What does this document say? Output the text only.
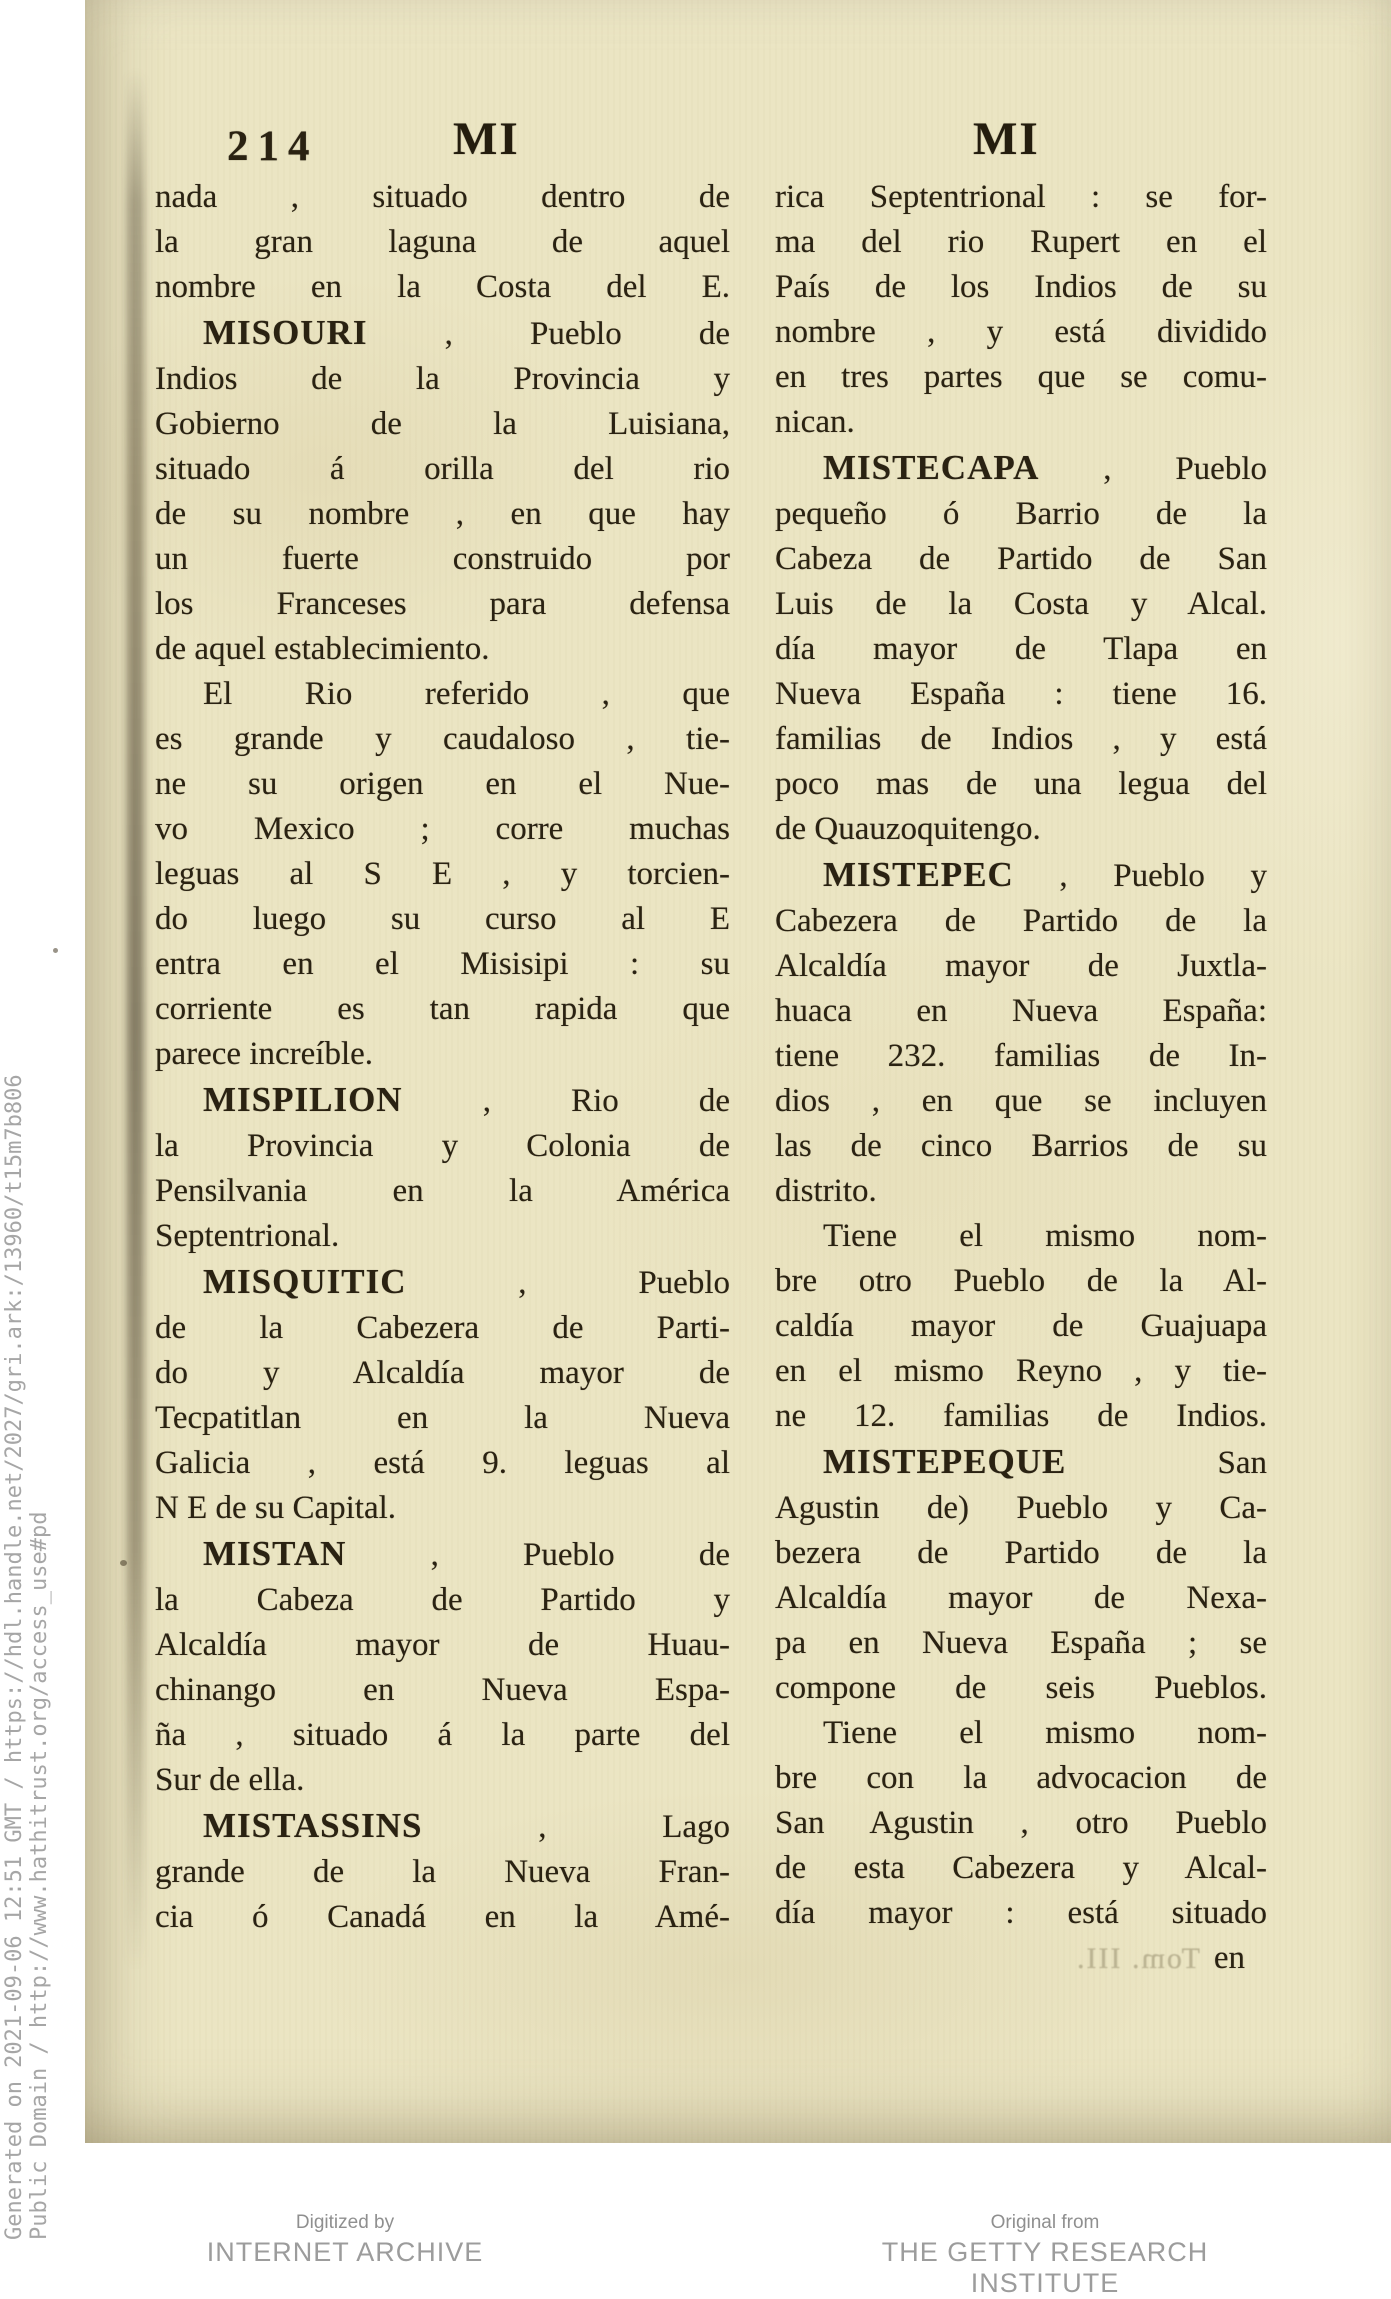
214	MI	MI
nada , situado dentro de
la gran laguna de aquel
nombre en la Costa del E.
MISOURI , Pueblo de
Indios de la Provincia y
Gobierno de la Luisiana,
situado á orilla del rio
de su nombre , en que hay
un fuerte construido por
los Franceses para defensa
de aquel establecimiento.
El Rio referido , que
es grande y caudaloso , tie-
ne su origen en el Nue-
vo Mexico ; corre muchas
leguas al S E , y torcien-
do luego su curso al E
entra en el Misisipi : su
corriente es tan rapida que
parece increíble.
MISPILION , Rio de
la Provincia y Colonia de
Pensilvania en la América
Septentrional.
MISQUITIC , Pueblo
de la Cabezera de Parti-
do y Alcaldía mayor de
Tecpatitlan en la Nueva
Galicia , está 9. leguas al
N E de su Capital.
MISTAN , Pueblo de
la Cabeza de Partido y
Alcaldía mayor de Huau-
chinango en Nueva Espa-
ña , situado á la parte del
Sur de ella.
MISTASSINS , Lago
grande de la Nueva Fran-
cia ó Canadá en la Amé-
rica Septentrional : se for-
ma del rio Rupert en el
País de los Indios de su
nombre , y está dividido
en tres partes que se comu-
nican.
MISTECAPA , Pueblo
pequeño ó Barrio de la
Cabeza de Partido de San
Luis de la Costa y Alcal.
día mayor de Tlapa en
Nueva España : tiene 16.
familias de Indios , y está
poco mas de una legua del
de Quauzoquitengo.
MISTEPEC , Pueblo y
Cabezera de Partido de la
Alcaldía mayor de Juxtla-
huaca en Nueva España:
tiene 232. familias de In-
dios , en que se incluyen
las de cinco Barrios de su
distrito.
Tiene el mismo nom-
bre otro Pueblo de la Al-
caldía mayor de Guajuapa
en el mismo Reyno , y tie-
ne 12. familias de Indios.
MISTEPEQUE San
Agustin de) Pueblo y Ca-
bezera de Partido de la
Alcaldía mayor de Nexa-
pa en Nueva España ; se
compone de seis Pueblos.
Tiene el mismo nom-
bre con la advocacion de
San Agustin , otro Pueblo
de esta Cabezera y Alcal-
día mayor : está situado
Tom. III. en
Generated on 2021-09-06 12:51 GMT / https://hdl.handle.net/2027/gri.ark:/13960/t15m7b806 Public Domain / http://www.hathitrust.org/access_use#pd	Digitized by
INTERNET ARCHIVE
Original from
THE GETTY RESEARCH INSTITUTE
